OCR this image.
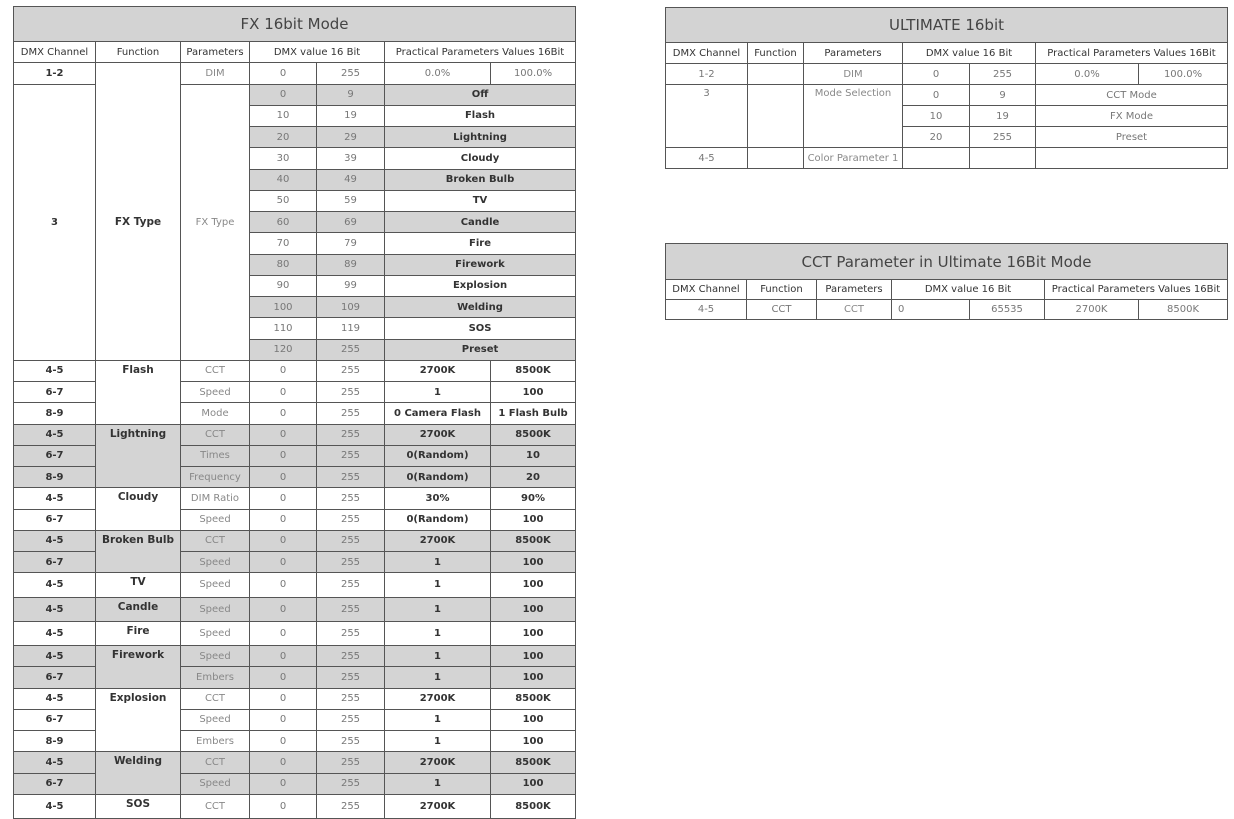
FX 16bit Mode						
DMX Channel	Function	Parameters	DMX value 16 Bit		Practical Parameters Values 16Bit	
1-2		DIM	0	255	0.0%	100.0%
3	FX Type	FX Type	0	9	Off	
			10	19	Flash	
			20	29	Lightning	
			30	39	Cloudy	
			40	49	Broken Bulb	
			50	59	TV	
			60	69	Candle	
			70	79	Fire	
			80	89	Firework	
			90	99	Explosion	
			100	109	Welding	
			110	119	SOS	
			120	255	Preset	
4-5	Flash	CCT	0	255	2700K	8500K
6-7		Speed	0	255	1	100
8-9		Mode	0	255	0 Camera Flash	1 Flash Bulb
4-5	Lightning	CCT	0	255	2700K	8500K
6-7		Times	0	255	0(Random)	10
8-9		Frequency	0	255	0(Random)	20
4-5	Cloudy	DIM Ratio	0	255	30%	90%
6-7		Speed	0	255	0(Random)	100
4-5	Broken Bulb	CCT	0	255	2700K	8500K
6-7		Speed	0	255	1	100
4-5	TV	Speed	0	255	1	100
4-5	Candle	Speed	0	255	1	100
4-5	Fire	Speed	0	255	1	100
4-5	Firework	Speed	0	255	1	100
6-7		Embers	0	255	1	100
4-5	Explosion	CCT	0	255	2700K	8500K
6-7		Speed	0	255	1	100
8-9		Embers	0	255	1	100
4-5	Welding	CCT	0	255	2700K	8500K
6-7		Speed	0	255	1	100
4-5	SOS	CCT	0	255	2700K	8500K
ULTIMATE 16bit						
DMX Channel	Function	Parameters	DMX value 16 Bit		Practical Parameters Values 16Bit	
1-2		DIM	0	255	0.0%	100.0%
3		Mode Selection	0	9	CCT Mode	
			10	19	FX Mode	
			20	255	Preset	
4-5		Color Parameter 1				
CCT Parameter in Ultimate 16Bit Mode						
DMX Channel	Function	Parameters	DMX value 16 Bit		Practical Parameters Values 16Bit	
4-5	CCT	CCT	0	65535	2700K	8500K
